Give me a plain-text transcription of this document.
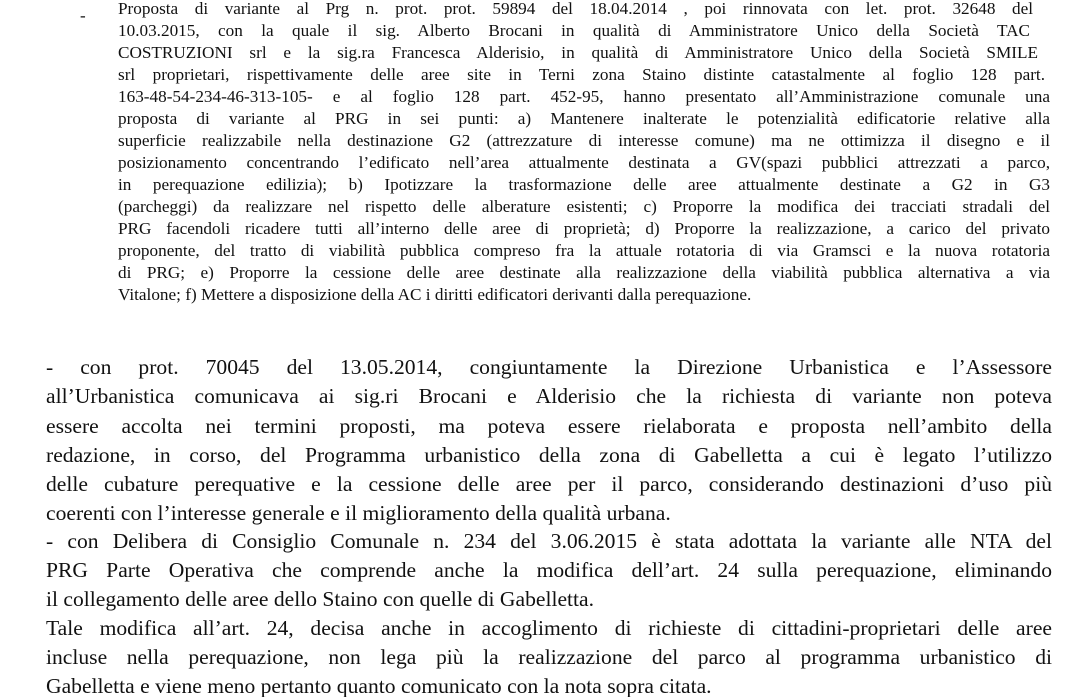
- Proposta di variante al Prg n. prot. prot. 59894 del 18.04.2014 , poi rinnovata con let. prot. 32648 del
10.03.2015, con la quale il sig. Alberto Brocani in qualità di Amministratore Unico della Società TAC
COSTRUZIONI srl e la sig.ra Francesca Alderisio, in qualità di Amministratore Unico della Società SMILE
srl proprietari, rispettivamente delle aree site in Terni zona Staino distinte catastalmente al foglio 128 part.
163-48-54-234-46-313-105- e al foglio 128 part. 452-95, hanno presentato all’Amministrazione comunale una
proposta di variante al PRG in sei punti: a) Mantenere inalterate le potenzialità edificatorie relative alla
superficie realizzabile nella destinazione G2 (attrezzature di interesse comune) ma ne ottimizza il disegno e il
posizionamento concentrando l’edificato nell’area attualmente destinata a GV(spazi pubblici attrezzati a parco,
in perequazione edilizia); b) Ipotizzare la trasformazione delle aree attualmente destinate a G2 in G3
(parcheggi) da realizzare nel rispetto delle alberature esistenti; c) Proporre la modifica dei tracciati stradali del
PRG facendoli ricadere tutti all’interno delle aree di proprietà; d) Proporre la realizzazione, a carico del privato
proponente, del tratto di viabilità pubblica compreso fra la attuale rotatoria di via Gramsci e la nuova rotatoria
di PRG; e) Proporre la cessione delle aree destinate alla realizzazione della viabilità pubblica alternativa a via
Vitalone; f) Mettere a disposizione della AC i diritti edificatori derivanti dalla perequazione.
- con prot. 70045 del 13.05.2014, congiuntamente la Direzione Urbanistica e l’Assessore
all’Urbanistica comunicava ai sig.ri Brocani e Alderisio che la richiesta di variante non poteva
essere accolta nei termini proposti, ma poteva essere rielaborata e proposta nell’ambito della
redazione, in corso, del Programma urbanistico della zona di Gabelletta a cui è legato l’utilizzo
delle cubature perequative e la cessione delle aree per il parco, considerando destinazioni d’uso più
coerenti con l’interesse generale e il miglioramento della qualità urbana.
- con Delibera di Consiglio Comunale n. 234 del 3.06.2015 è stata adottata la variante alle NTA del
PRG Parte Operativa che comprende anche la modifica dell’art. 24 sulla perequazione, eliminando
il collegamento delle aree dello Staino con quelle di Gabelletta.
Tale modifica all’art. 24, decisa anche in accoglimento di richieste di cittadini-proprietari delle aree
incluse nella perequazione, non lega più la realizzazione del parco al programma urbanistico di
Gabelletta e viene meno pertanto quanto comunicato con la nota sopra citata.
